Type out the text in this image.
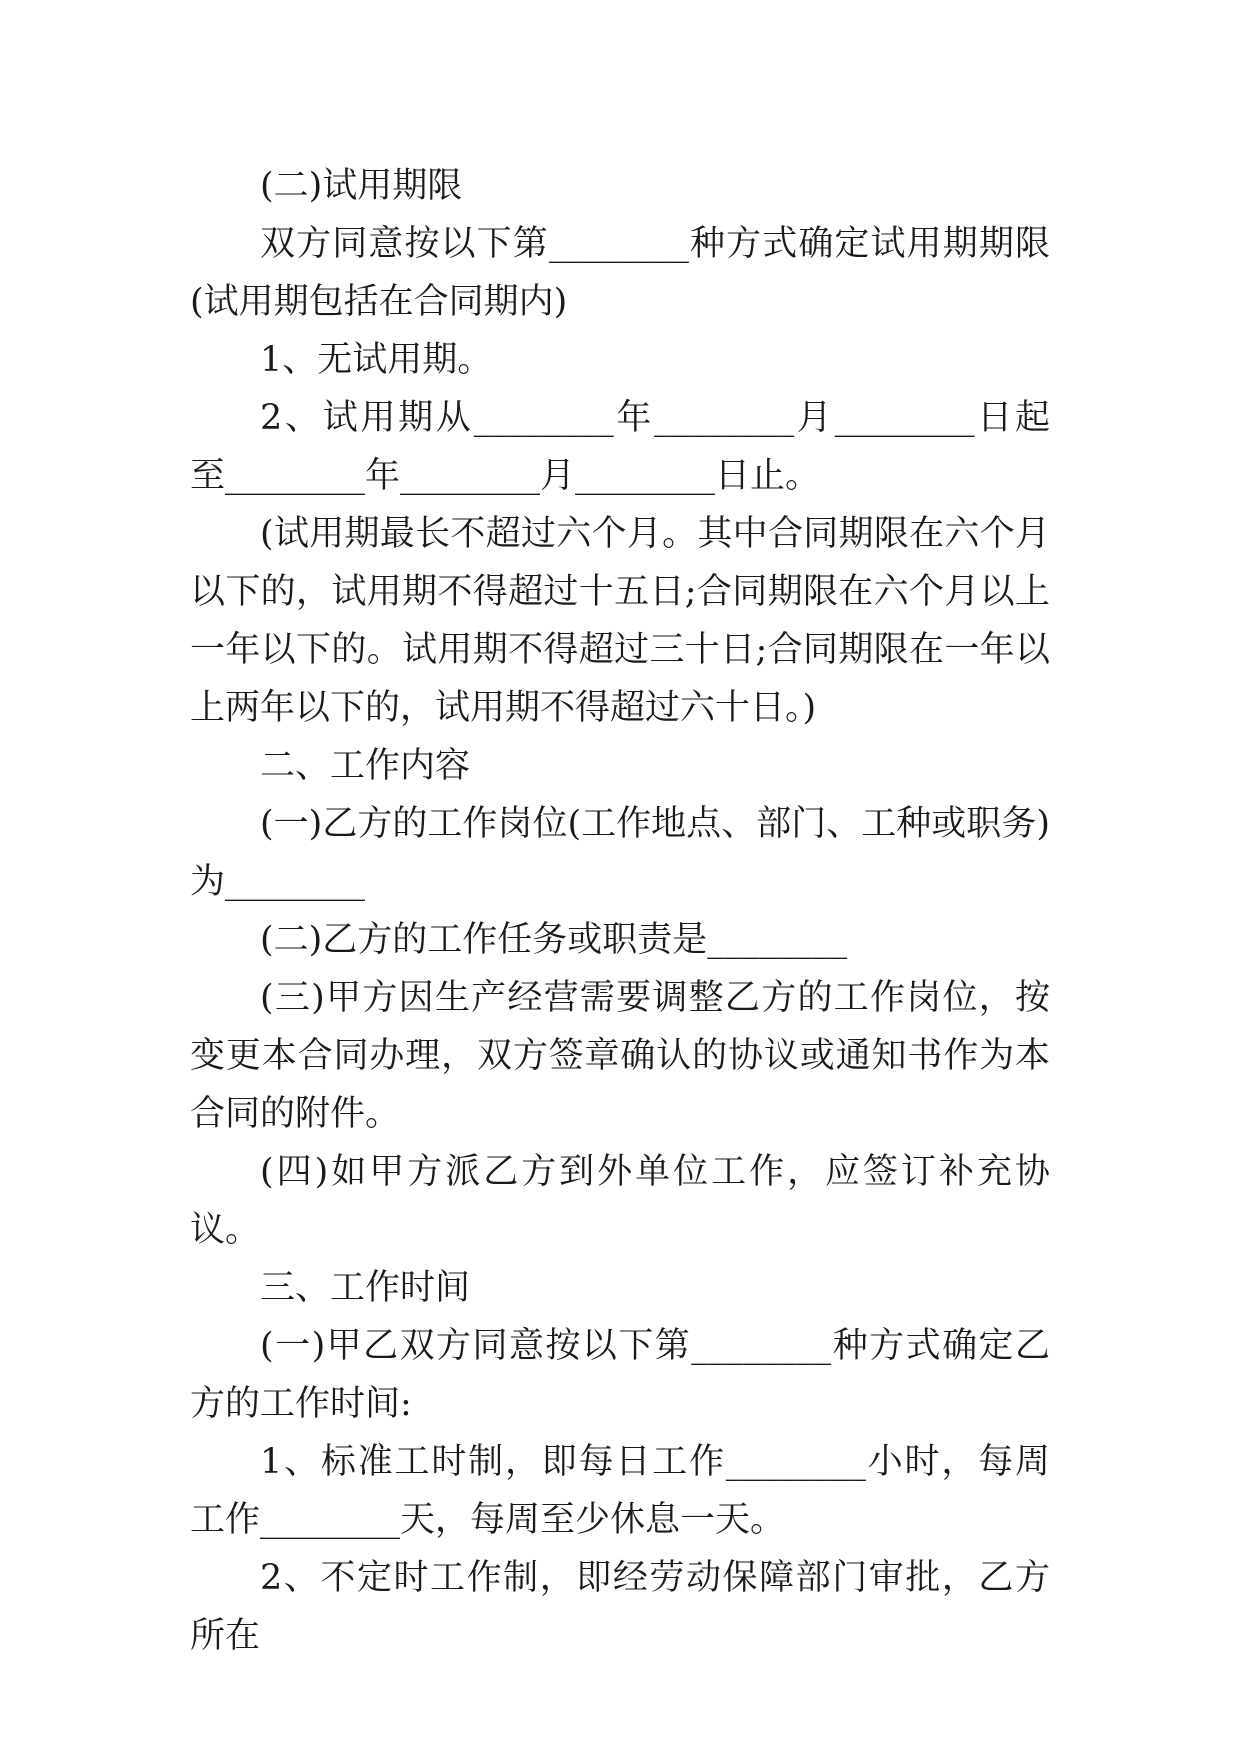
(二)试用期限

双方同意按以下第________种方式确定试用期期限(试用期包括在合同期内)

1、无试用期。

2、试用期从________年________月________日起至________年________月________日止。

(试用期最长不超过六个月。其中合同期限在六个月以下的，试用期不得超过十五日;合同期限在六个月以上一年以下的。试用期不得超过三十日;合同期限在一年以上两年以下的，试用期不得超过六十日。)

二、工作内容

(一)乙方的工作岗位(工作地点、部门、工种或职务)为________

(二)乙方的工作任务或职责是________

(三)甲方因生产经营需要调整乙方的工作岗位，按变更本合同办理，双方签章确认的协议或通知书作为本合同的附件。

(四)如甲方派乙方到外单位工作，应签订补充协议。

三、工作时间

(一)甲乙双方同意按以下第________种方式确定乙方的工作时间:

1、标准工时制，即每日工作________小时，每周工作________天，每周至少休息一天。

2、不定时工作制，即经劳动保障部门审批，乙方所在
